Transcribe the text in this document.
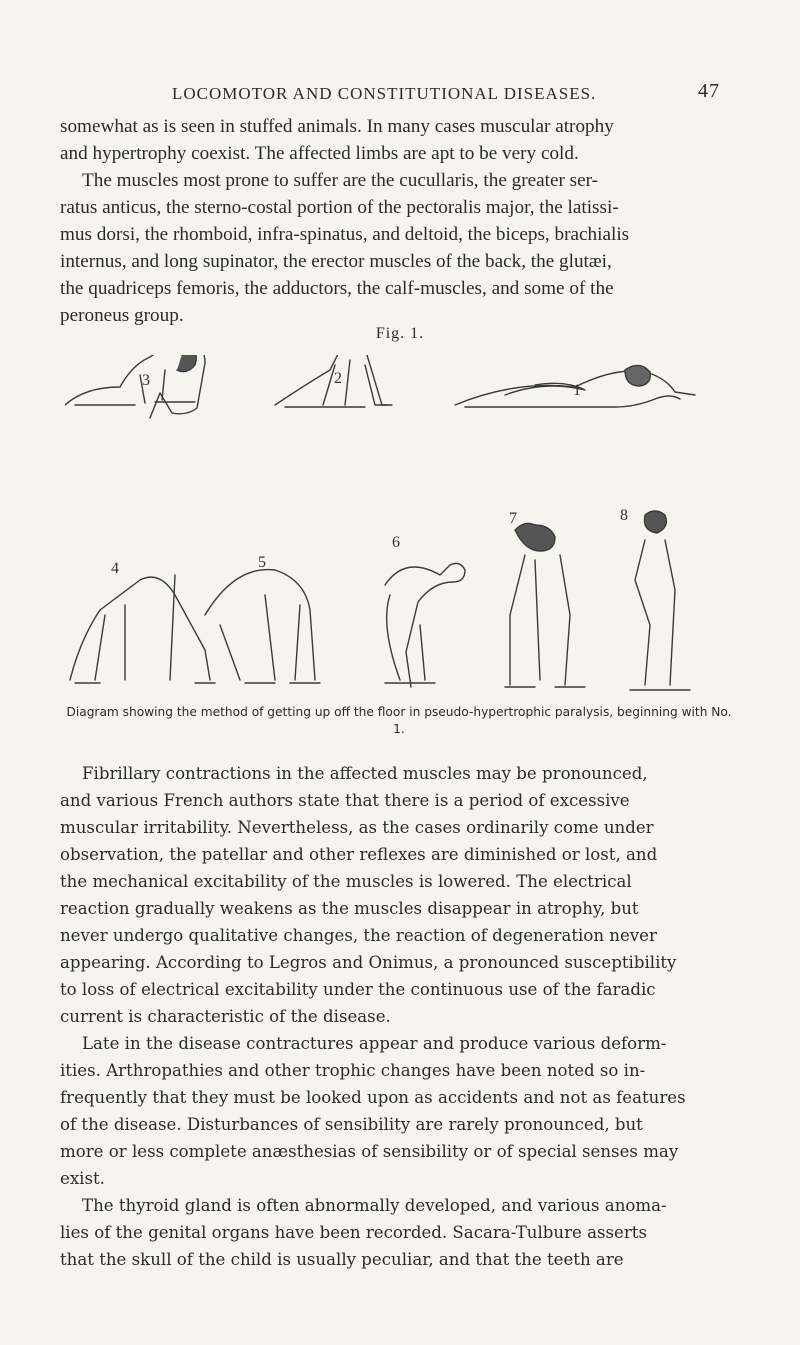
LOCOMOTOR AND CONSTITUTIONAL DISEASES.	47

somewhat as is seen in stuffed animals. In many cases muscular atrophy
and hypertrophy coexist. The affected limbs are apt to be very cold.
The muscles most prone to suffer are the cucullaris, the greater ser-
ratus anticus, the sterno-costal portion of the pectoralis major, the latissi-
mus dorsi, the rhomboid, infra-spinatus, and deltoid, the biceps, brachialis
internus, and long supinator, the erector muscles of the back, the glutæi,
the quadriceps femoris, the adductors, the calf-muscles, and some of the
peroneus group.

Fig. 1.
3	2
1
4	5
6
7	8
Diagram showing the method of getting up off the floor in pseudo-hypertrophic paralysis, beginning with No. 1.

Fibrillary contractions in the affected muscles may be pronounced,
and various French authors state that there is a period of excessive
muscular irritability. Nevertheless, as the cases ordinarily come under
observation, the patellar and other reflexes are diminished or lost, and
the mechanical excitability of the muscles is lowered. The electrical
reaction gradually weakens as the muscles disappear in atrophy, but
never undergo qualitative changes, the reaction of degeneration never
appearing. According to Legros and Onimus, a pronounced susceptibility
to loss of electrical excitability under the continuous use of the faradic
current is characteristic of the disease.
Late in the disease contractures appear and produce various deform-
ities. Arthropathies and other trophic changes have been noted so in-
frequently that they must be looked upon as accidents and not as features
of the disease. Disturbances of sensibility are rarely pronounced, but
more or less complete anæsthesias of sensibility or of special senses may
exist.
The thyroid gland is often abnormally developed, and various anoma-
lies of the genital organs have been recorded. Sacara-Tulbure asserts
that the skull of the child is usually peculiar, and that the teeth are
